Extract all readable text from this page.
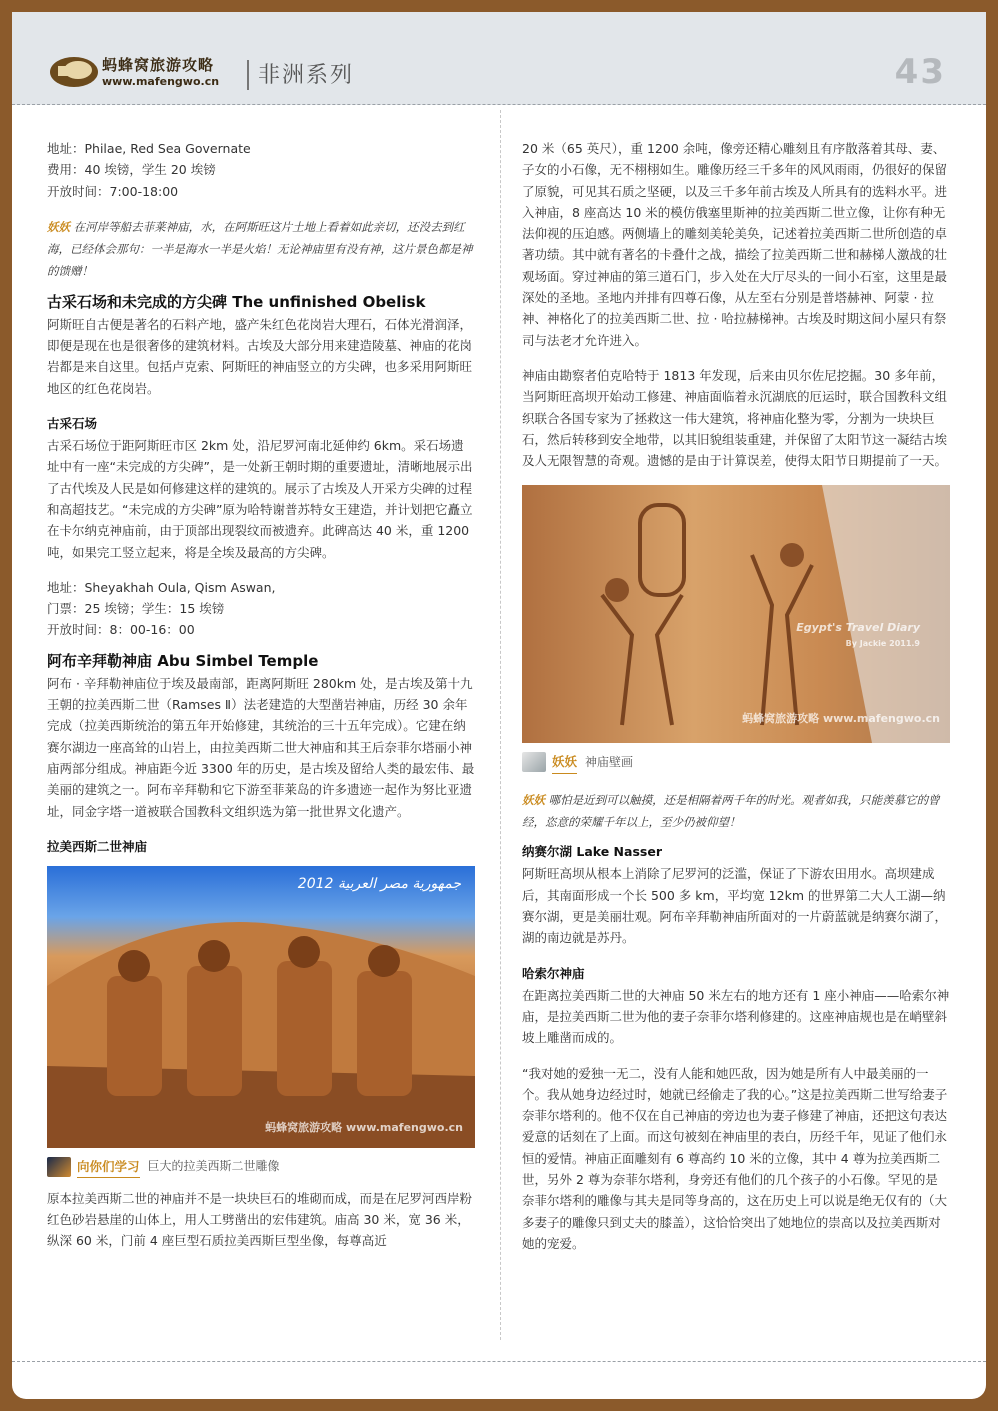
蚂蜂窝旅游攻略
www.mafengwo.cn 非洲系列	43

地址：Philae, Red Sea Governate

费用：40 埃镑，学生 20 埃镑

开放时间：7:00-18:00

妖妖 在河岸等船去菲莱神庙，水，在阿斯旺这片土地上看着如此亲切，还没去到红海，已经体会那句：一半是海水一半是火焰！无论神庙里有没有神，这片景色都是神的馈赠！

古采石场和未完成的方尖碑 The unfinished Obelisk

阿斯旺自古便是著名的石料产地，盛产朱红色花岗岩大理石，石体光滑润泽，即便是现在也是很奢侈的建筑材料。古埃及大部分用来建造陵墓、神庙的花岗岩都是来自这里。包括卢克索、阿斯旺的神庙竖立的方尖碑，也多采用阿斯旺地区的红色花岗岩。

古采石场

古采石场位于距阿斯旺市区 2km 处，沿尼罗河南北延伸约 6km。采石场遗址中有一座“未完成的方尖碑”，是一处新王朝时期的重要遗址，清晰地展示出了古代埃及人民是如何修建这样的建筑的。展示了古埃及人开采方尖碑的过程和高超技艺。“未完成的方尖碑”原为哈特谢普苏特女王建造，并计划把它矗立在卡尔纳克神庙前，由于顶部出现裂纹而被遗弃。此碑高达 40 米，重 1200 吨，如果完工竖立起来，将是全埃及最高的方尖碑。

地址：Sheyakhah Oula, Qism Aswan,

门票：25 埃镑；学生：15 埃镑

开放时间：8：00-16：00

阿布辛拜勒神庙 Abu Simbel Temple

阿布 · 辛拜勒神庙位于埃及最南部，距离阿斯旺 280km 处，是古埃及第十九王朝的拉美西斯二世（Ramses Ⅱ）法老建造的大型凿岩神庙，历经 30 余年完成（拉美西斯统治的第五年开始修建，其统治的三十五年完成）。它建在纳赛尔湖边一座高耸的山岩上，由拉美西斯二世大神庙和其王后奈菲尔塔丽小神庙两部分组成。神庙距今近 3300 年的历史，是古埃及留给人类的最宏伟、最美丽的建筑之一。阿布辛拜勒和它下游至菲莱岛的许多遗迹一起作为努比亚遗址，同金字塔一道被联合国教科文组织选为第一批世界文化遗产。

拉美西斯二世神庙
جمهورية مصر العربية 2012
蚂蜂窝旅游攻略 www.mafengwo.cn
向你们学习 巨大的拉美西斯二世雕像

原本拉美西斯二世的神庙并不是一块块巨石的堆砌而成，而是在尼罗河西岸粉红色砂岩悬崖的山体上，用人工劈凿出的宏伟建筑。庙高 30 米，宽 36 米，纵深 60 米，门前 4 座巨型石质拉美西斯巨型坐像，每尊高近

20 米（65 英尺），重 1200 余吨，像旁还精心雕刻且有序散落着其母、妻、子女的小石像，无不栩栩如生。雕像历经三千多年的风风雨雨，仍很好的保留了原貌，可见其石质之坚硬，以及三千多年前古埃及人所具有的选料水平。进入神庙，8 座高达 10 米的模仿俄塞里斯神的拉美西斯二世立像，让你有种无法仰视的压迫感。两侧墙上的雕刻美轮美奂，记述着拉美西斯二世所创造的卓著功绩。其中就有著名的卡叠什之战，描绘了拉美西斯二世和赫梯人激战的壮观场面。穿过神庙的第三道石门，步入处在大厅尽头的一间小石室，这里是最深处的圣地。圣地内并排有四尊石像，从左至右分别是普塔赫神、阿蒙 · 拉神、神格化了的拉美西斯二世、拉 · 哈拉赫梯神。古埃及时期这间小屋只有祭司与法老才允许进入。

神庙由勘察者伯克哈特于 1813 年发现，后来由贝尔佐尼挖掘。30 多年前，当阿斯旺高坝开始动工修建、神庙面临着永沉湖底的厄运时，联合国教科文组织联合各国专家为了拯救这一伟大建筑，将神庙化整为零，分割为一块块巨石，然后转移到安全地带，以其旧貌组装重建，并保留了太阳节这一凝结古埃及人无限智慧的奇观。遗憾的是由于计算误差，使得太阳节日期提前了一天。

Egypt's Travel Diary
By Jackie 2011.9
蚂蜂窝旅游攻略 www.mafengwo.cn
妖妖 神庙壁画

妖妖 哪怕是近到可以触摸，还是相隔着两千年的时光。观者如我，只能羡慕它的曾经，恣意的荣耀千年以上，至少仍被仰望！

纳赛尔湖 Lake Nasser

阿斯旺高坝从根本上消除了尼罗河的泛滥，保证了下游农田用水。高坝建成后，其南面形成一个长 500 多 km，平均宽 12km 的世界第二大人工湖—纳赛尔湖，更是美丽壮观。阿布辛拜勒神庙所面对的一片蔚蓝就是纳赛尔湖了，湖的南边就是苏丹。

哈索尔神庙

在距离拉美西斯二世的大神庙 50 米左右的地方还有 1 座小神庙——哈索尔神庙，是拉美西斯二世为他的妻子奈菲尔塔利修建的。这座神庙规也是在峭壁斜坡上雕凿而成的。

“我对她的爱独一无二，没有人能和她匹敌，因为她是所有人中最美丽的一个。我从她身边经过时，她就已经偷走了我的心。”这是拉美西斯二世写给妻子奈菲尔塔利的。他不仅在自己神庙的旁边也为妻子修建了神庙，还把这句表达爱意的话刻在了上面。而这句被刻在神庙里的表白，历经千年，见证了他们永恒的爱情。神庙正面雕刻有 6 尊高约 10 米的立像，其中 4 尊为拉美西斯二世，另外 2 尊为奈菲尔塔利，身旁还有他们的几个孩子的小石像。罕见的是奈菲尔塔利的雕像与其夫是同等身高的，这在历史上可以说是绝无仅有的（大多妻子的雕像只到丈夫的膝盖），这恰恰突出了她地位的崇高以及拉美西斯对她的宠爱。
